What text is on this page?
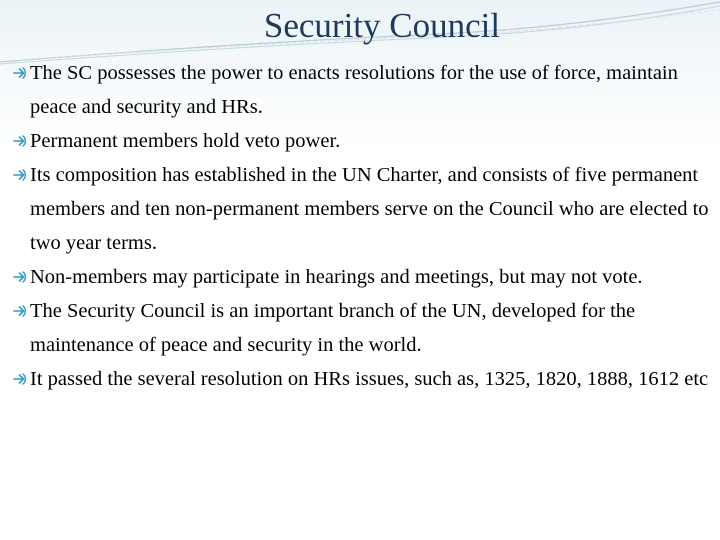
Security Council
The SC possesses the power to enacts resolutions for the use of force, maintain peace and security and HRs.
Permanent members hold veto power.
Its composition has established in the UN Charter, and consists of five permanent members and ten non-permanent members serve on the Council who are elected to two year terms.
Non-members may participate in hearings and meetings, but may not vote.
The Security Council is an important branch of the UN, developed for the maintenance of peace and security in the world.
It passed the several resolution on HRs issues, such as, 1325, 1820, 1888, 1612 etc
